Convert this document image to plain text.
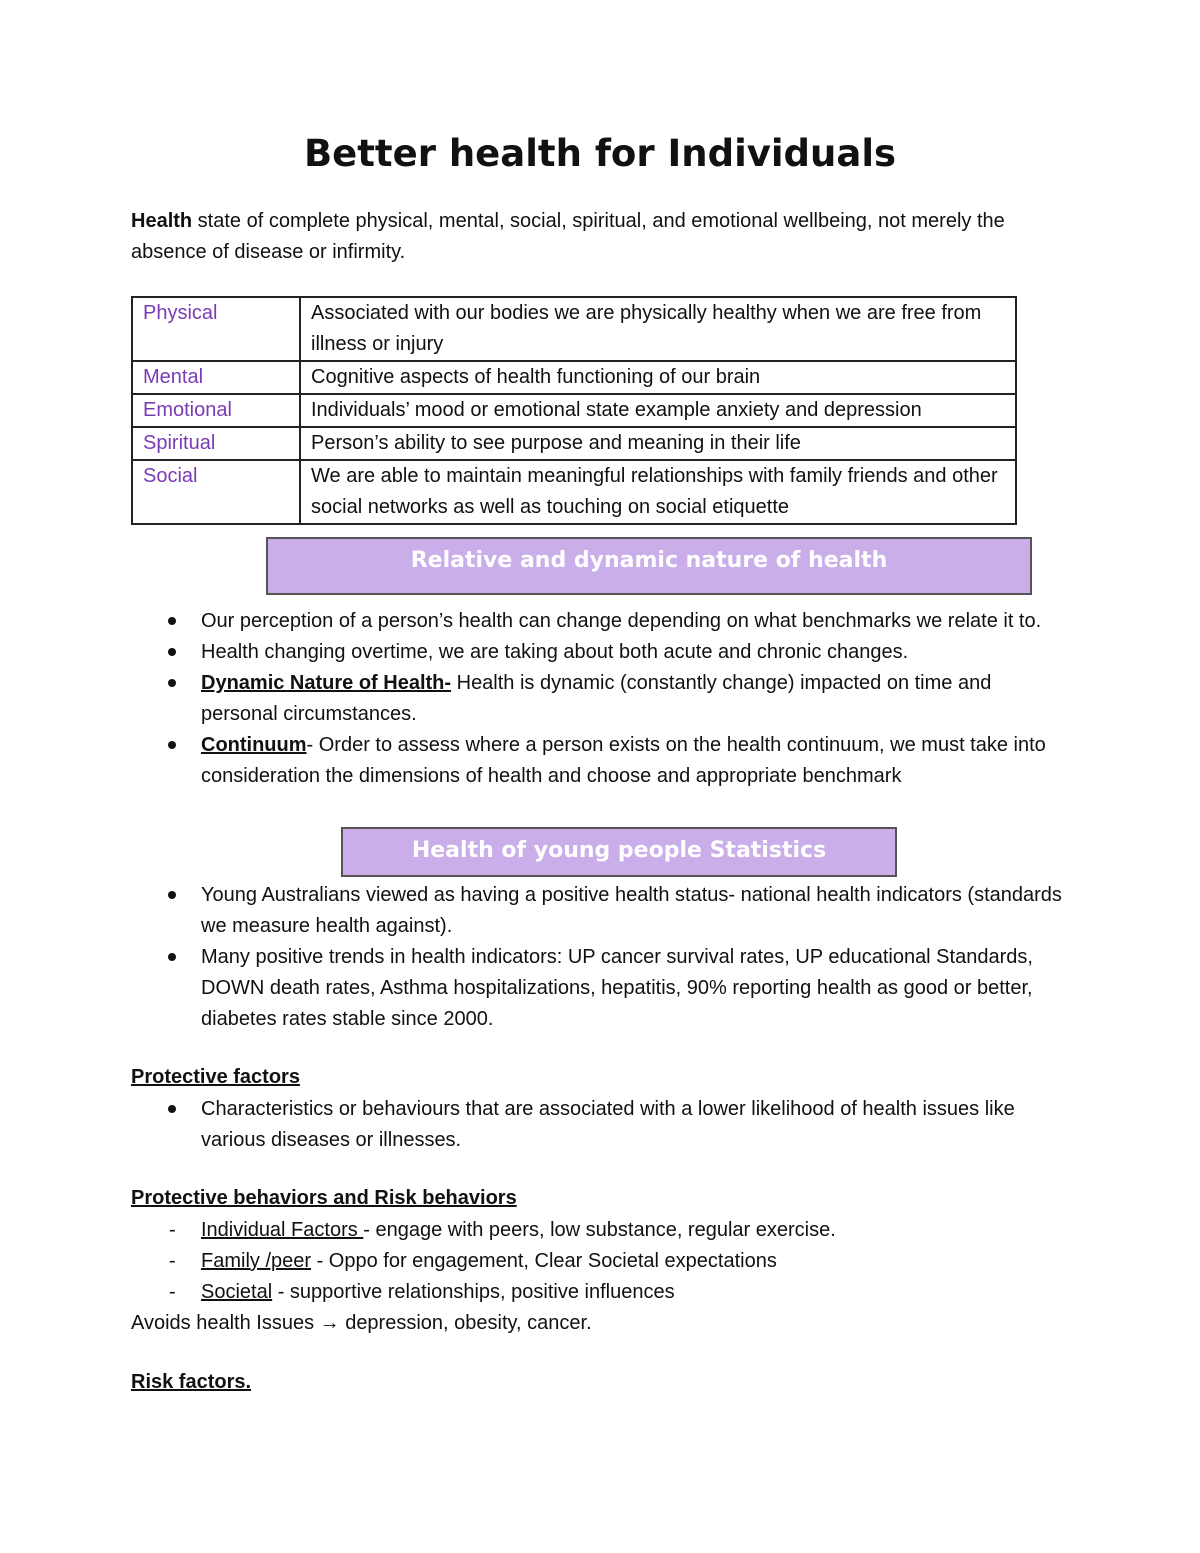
Better health for Individuals
Health state of complete physical, mental, social, spiritual, and emotional wellbeing, not merely the absence of disease or infirmity.
Physical	Associated with our bodies we are physically healthy when we are free from illness or injury
Mental	Cognitive aspects of health functioning of our brain
Emotional	Individuals’ mood or emotional state example anxiety and depression
Spiritual	Person’s ability to see purpose and meaning in their life
Social	We are able to maintain meaningful relationships with family friends and other social networks as well as touching on social etiquette
Relative and dynamic nature of health
Our perception of a person’s health can change depending on what benchmarks we relate it to.
Health changing overtime, we are taking about both acute and chronic changes.
Dynamic Nature of Health- Health is dynamic (constantly change) impacted on time and personal circumstances.
Continuum- Order to assess where a person exists on the health continuum, we must take into consideration the dimensions of health and choose and appropriate benchmark
Health of young people Statistics
Young Australians viewed as having a positive health status- national health indicators (standards we measure health against).
Many positive trends in health indicators: UP cancer survival rates, UP educational Standards, DOWN death rates, Asthma hospitalizations, hepatitis, 90% reporting health as good or better, diabetes rates stable since 2000.
Protective factors
Characteristics or behaviours that are associated with a lower likelihood of health issues like various diseases or illnesses.
Protective behaviors and Risk behaviors
- Individual Factors - engage with peers, low substance, regular exercise.
- Family /peer - Oppo for engagement, Clear Societal expectations
- Societal - supportive relationships, positive influences
Avoids health Issues → depression, obesity, cancer.
Risk factors.
